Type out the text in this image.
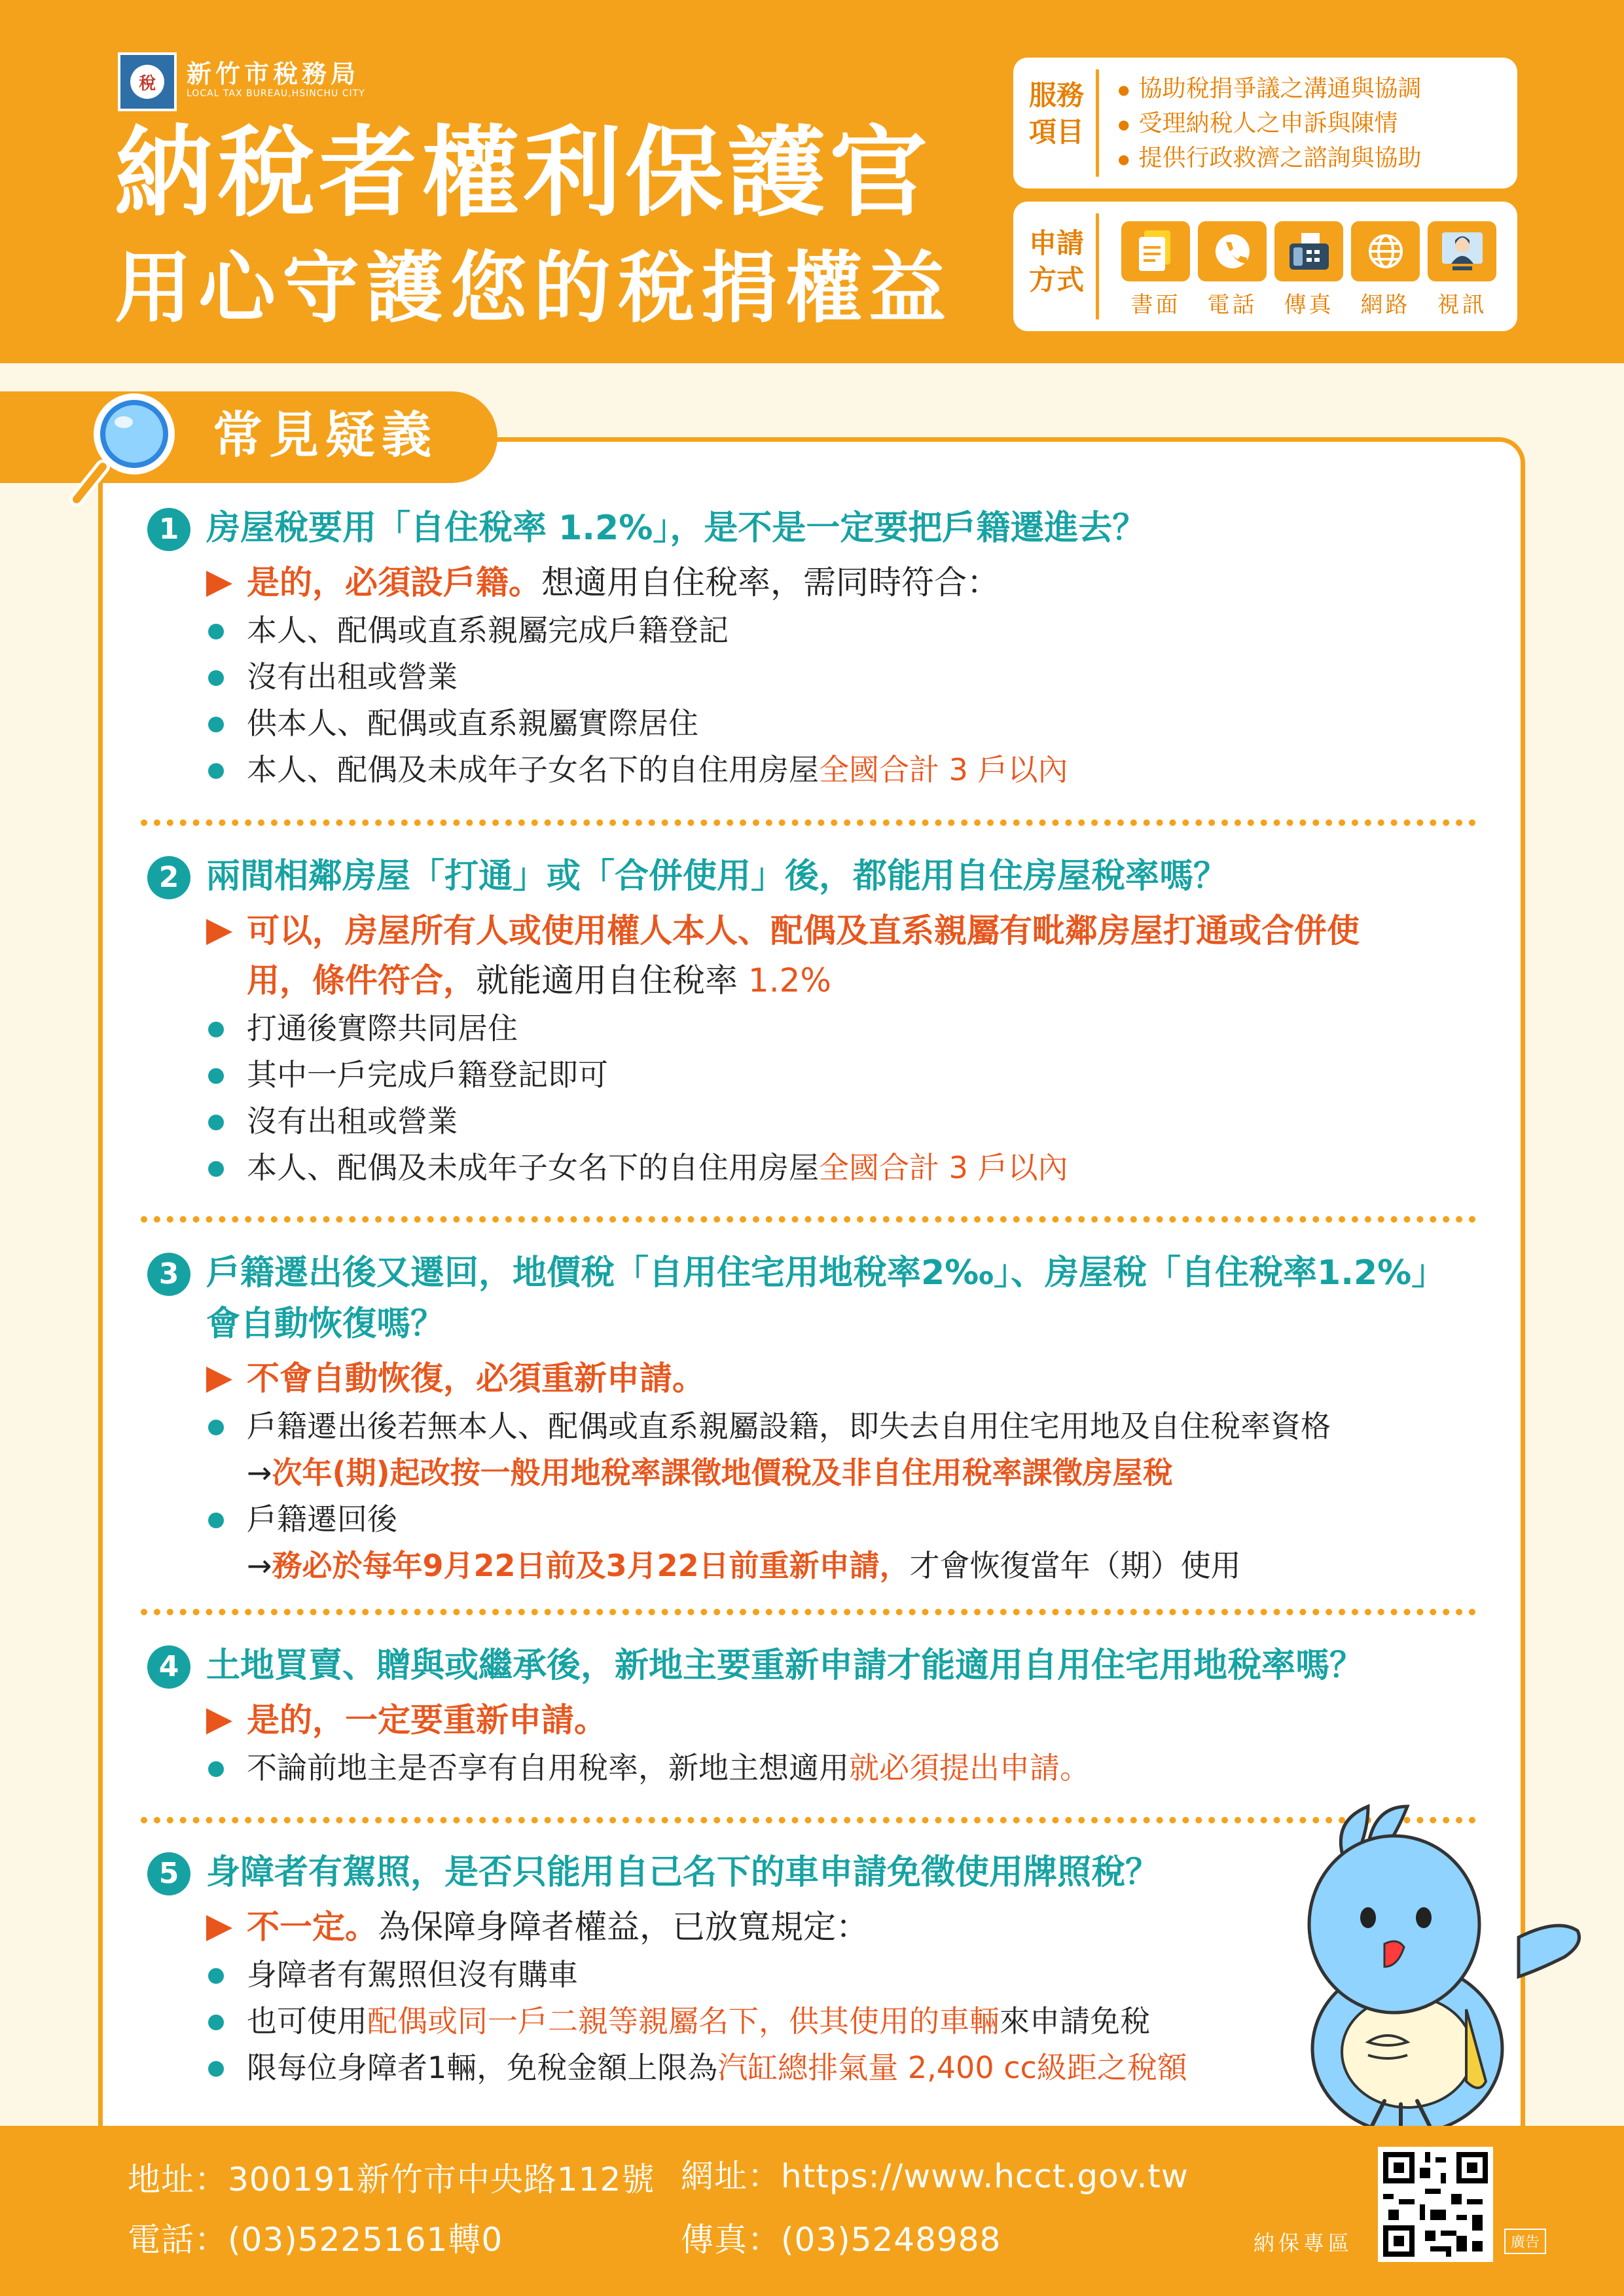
稅	新竹市稅務局
LOCAL TAX BUREAU,HSINCHU CITY
納稅者權利保護官
用心守護您的稅捐權益
服務項目
● 協助稅捐爭議之溝通與協調
● 受理納稅人之申訴與陳情
● 提供行政救濟之諮詢與協助
申請方式
書面	電話	傳真	網路	視訊
常見疑義
1 房屋稅要用「自住稅率 1.2%」，是不是一定要把戶籍遷進去？

是的，必須設戶籍。想適用自住稅率，需同時符合：
本人、配偶或直系親屬完成戶籍登記
沒有出租或營業
供本人、配偶或直系親屬實際居住
本人、配偶及未成年子女名下的自住用房屋全國合計 3 戶以內
2 兩間相鄰房屋「打通」或「合併使用」後，都能用自住房屋稅率嗎？

可以，房屋所有人或使用權人本人、配偶及直系親屬有毗鄰房屋打通或合併使用，條件符合，就能適用自住稅率 1.2%
打通後實際共同居住
其中一戶完成戶籍登記即可
沒有出租或營業
本人、配偶及未成年子女名下的自住用房屋全國合計 3 戶以內
3 戶籍遷出後又遷回，地價稅「自用住宅用地稅率2‰」、房屋稅「自住稅率1.2%」會自動恢復嗎？

不會自動恢復，必須重新申請。
戶籍遷出後若無本人、配偶或直系親屬設籍，即失去自用住宅用地及自住稅率資格
→次年(期)起改按一般用地稅率課徵地價稅及非自住用稅率課徵房屋稅
戶籍遷回後
→務必於每年9月22日前及3月22日前重新申請，才會恢復當年（期）使用
4 土地買賣、贈與或繼承後，新地主要重新申請才能適用自用住宅用地稅率嗎？

是的，一定要重新申請。
不論前地主是否享有自用稅率，新地主想適用就必須提出申請。
5 身障者有駕照，是否只能用自己名下的車申請免徵使用牌照稅？

不一定。為保障身障者權益，已放寬規定：
身障者有駕照但沒有購車
也可使用配偶或同一戶二親等親屬名下，供其使用的車輛來申請免稅
限每位身障者1輛，免稅金額上限為汽缸總排氣量 2,400 cc級距之稅額
地址：300191新竹市中央路112號 網址：https://www.hcct.gov.tw
電話：(03)5225161轉0	傳真：(03)5248988	納保專區	廣告
